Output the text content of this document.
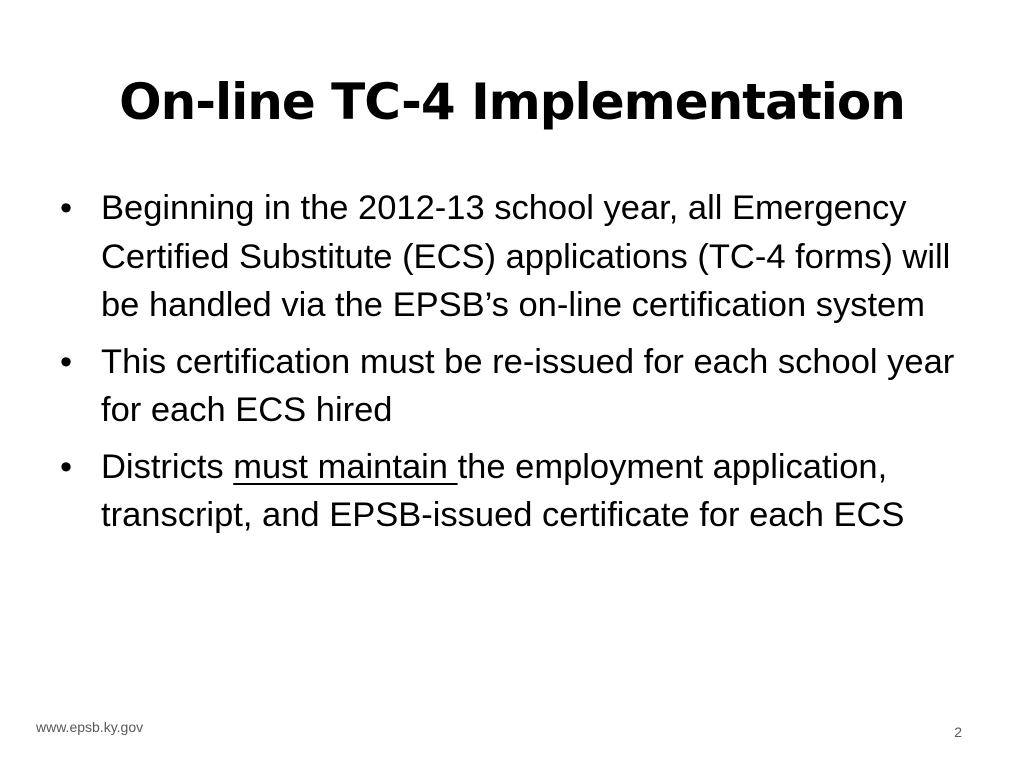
On-line TC-4 Implementation
• Beginning in the 2012-13 school year, all Emergency Certified Substitute (ECS) applications (TC-4 forms) will be handled via the EPSB’s on-line certification system
• This certification must be re-issued for each school year for each ECS hired
• Districts must maintain the employment application, transcript, and EPSB-issued certificate for each ECS
www.epsb.ky.gov	2
